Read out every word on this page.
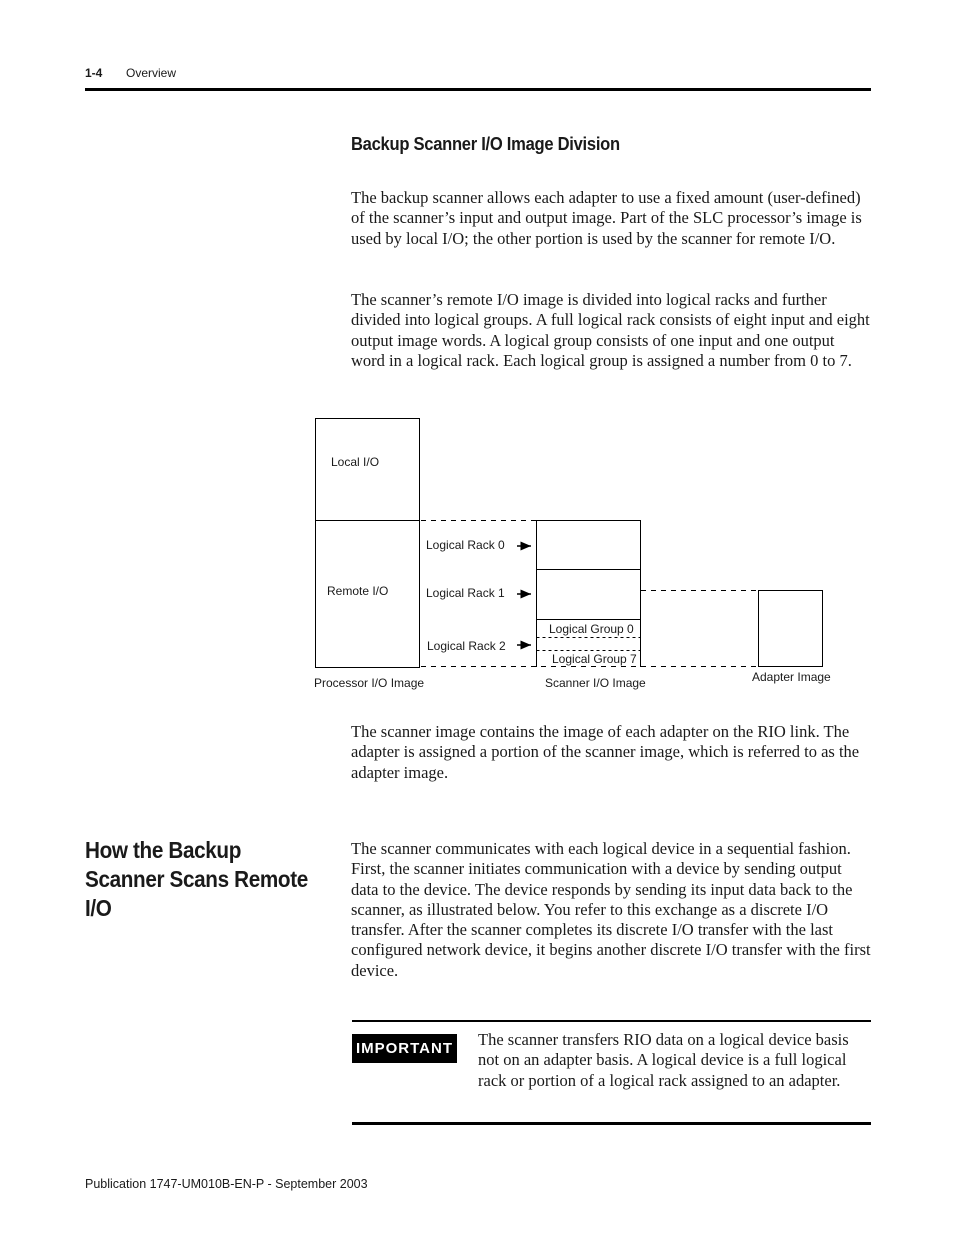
1-4 Overview
Backup Scanner I/O Image Division

The backup scanner allows each adapter to use a fixed amount (user-defined) of the scanner’s input and output image. Part of the SLC processor’s image is used by local I/O; the other portion is used by the scanner for remote I/O.

The scanner’s remote I/O image is divided into logical racks and further divided into logical groups. A full logical rack consists of eight input and eight output image words. A logical group consists of one input and one output word in a logical rack. Each logical group is assigned a number from 0 to 7.

Local I/O
Remote I/O
Logical Rack 0
Logical Rack 1
Logical Rack 2
Logical Group 0
Logical Group 7
Processor I/O Image	Scanner I/O Image	Adapter Image

The scanner image contains the image of each adapter on the RIO link. The adapter is assigned a portion of the scanner image, which is referred to as the adapter image.

How the Backup Scanner Scans Remote I/O

The scanner communicates with each logical device in a sequential fashion. First, the scanner initiates communication with a device by sending output data to the device. The device responds by sending its input data back to the scanner, as illustrated below. You refer to this exchange as a discrete I/O transfer. After the scanner completes its discrete I/O transfer with the last configured network device, it begins another discrete I/O transfer with the first device.

IMPORTANT The scanner transfers RIO data on a logical device basis not on an adapter basis. A logical device is a full logical rack or portion of a logical rack assigned to an adapter.

Publication 1747-UM010B-EN-P - September 2003
